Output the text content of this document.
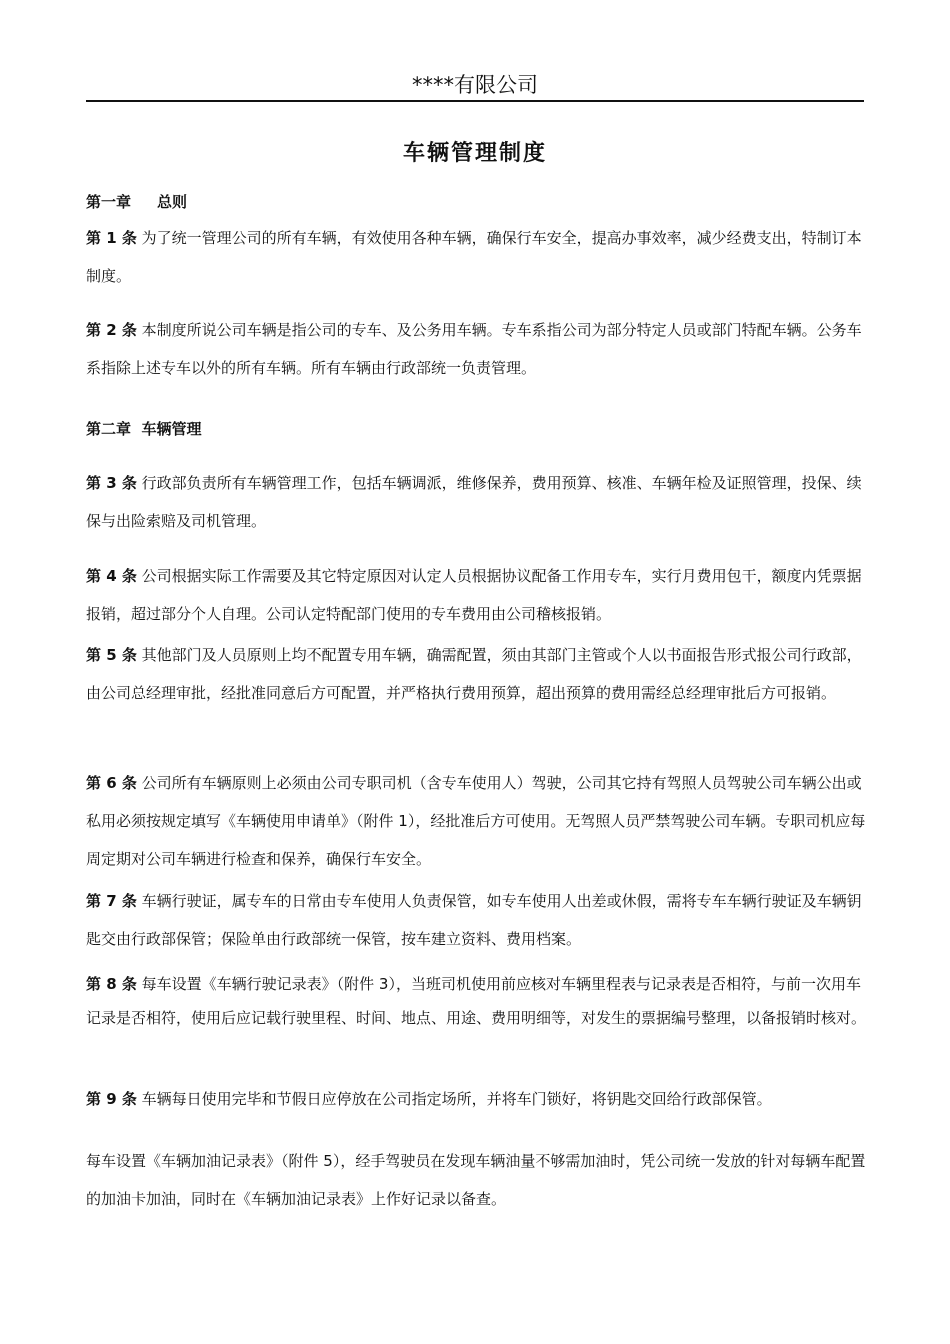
****有限公司
车辆管理制度
第一章 总则

第 1 条 为了统一管理公司的所有车辆，有效使用各种车辆，确保行车安全，提高办事效率，减少经费支出，特制订本制度。

第 2 条 本制度所说公司车辆是指公司的专车、及公务用车辆。专车系指公司为部分特定人员或部门特配车辆。公务车系指除上述专车以外的所有车辆。所有车辆由行政部统一负责管理。

第二章  车辆管理

第 3 条 行政部负责所有车辆管理工作，包括车辆调派，维修保养，费用预算、核准、车辆年检及证照管理，投保、续保与出险索赔及司机管理。

第 4 条 公司根据实际工作需要及其它特定原因对认定人员根据协议配备工作用专车，实行月费用包干，额度内凭票据报销，超过部分个人自理。公司认定特配部门使用的专车费用由公司稽核报销。

第 5 条 其他部门及人员原则上均不配置专用车辆，确需配置，须由其部门主管或个人以书面报告形式报公司行政部，由公司总经理审批，经批准同意后方可配置，并严格执行费用预算，超出预算的费用需经总经理审批后方可报销。

第 6 条 公司所有车辆原则上必须由公司专职司机（含专车使用人）驾驶，公司其它持有驾照人员驾驶公司车辆公出或私用必须按规定填写《车辆使用申请单》（附件 1），经批准后方可使用。无驾照人员严禁驾驶公司车辆。专职司机应每周定期对公司车辆进行检查和保养，确保行车安全。

第 7 条 车辆行驶证，属专车的日常由专车使用人负责保管，如专车使用人出差或休假，需将专车车辆行驶证及车辆钥匙交由行政部保管；保险单由行政部统一保管，按车建立资料、费用档案。

第 8 条 每车设置《车辆行驶记录表》（附件 3），当班司机使用前应核对车辆里程表与记录表是否相符，与前一次用车记录是否相符，使用后应记载行驶里程、时间、地点、用途、费用明细等，对发生的票据编号整理，以备报销时核对。

第 9 条 车辆每日使用完毕和节假日应停放在公司指定场所，并将车门锁好，将钥匙交回给行政部保管。

每车设置《车辆加油记录表》（附件 5），经手驾驶员在发现车辆油量不够需加油时，凭公司统一发放的针对每辆车配置的加油卡加油，同时在《车辆加油记录表》上作好记录以备查。
